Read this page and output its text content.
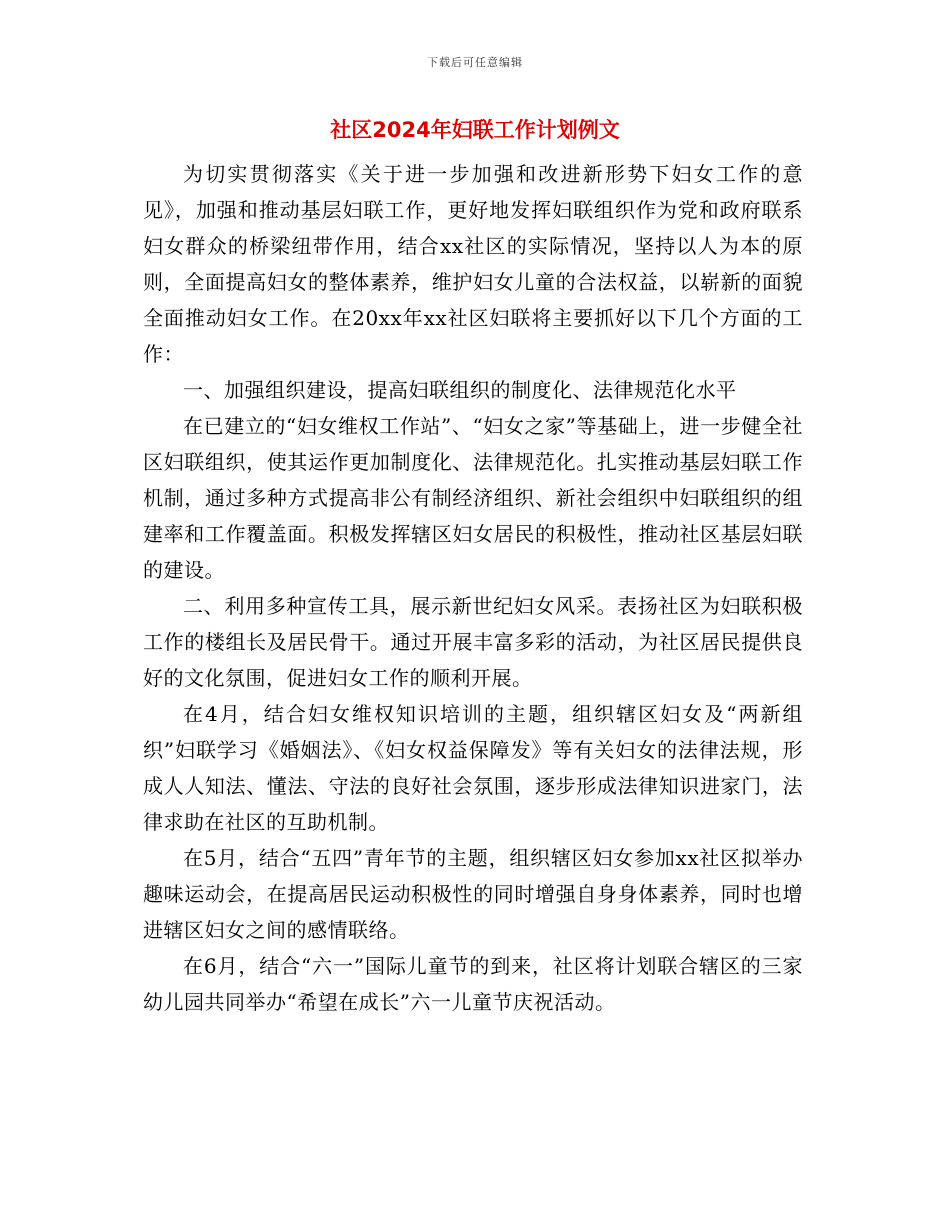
下载后可任意编辑
社区2024年妇联工作计划例文

为切实贯彻落实《关于进一步加强和改进新形势下妇女工作的意见》，加强和推动基层妇联工作，更好地发挥妇联组织作为党和政府联系妇女群众的桥梁纽带作用，结合xx社区的实际情况，坚持以人为本的原则，全面提高妇女的整体素养，维护妇女儿童的合法权益，以崭新的面貌全面推动妇女工作。在20xx年xx社区妇联将主要抓好以下几个方面的工作：

一、加强组织建设，提高妇联组织的制度化、法律规范化水平

在已建立的“妇女维权工作站”、“妇女之家”等基础上，进一步健全社区妇联组织，使其运作更加制度化、法律规范化。扎实推动基层妇联工作机制，通过多种方式提高非公有制经济组织、新社会组织中妇联组织的组建率和工作覆盖面。积极发挥辖区妇女居民的积极性，推动社区基层妇联的建设。

二、利用多种宣传工具，展示新世纪妇女风采。表扬社区为妇联积极工作的楼组长及居民骨干。通过开展丰富多彩的活动，为社区居民提供良好的文化氛围，促进妇女工作的顺利开展。

在4月，结合妇女维权知识培训的主题，组织辖区妇女及“两新组织”妇联学习《婚姻法》、《妇女权益保障发》等有关妇女的法律法规，形成人人知法、懂法、守法的良好社会氛围，逐步形成法律知识进家门，法律求助在社区的互助机制。

在5月，结合“五四”青年节的主题，组织辖区妇女参加xx社区拟举办趣味运动会，在提高居民运动积极性的同时增强自身身体素养，同时也增进辖区妇女之间的感情联络。

在6月，结合“六一”国际儿童节的到来，社区将计划联合辖区的三家幼儿园共同举办“希望在成长”六一儿童节庆祝活动。
